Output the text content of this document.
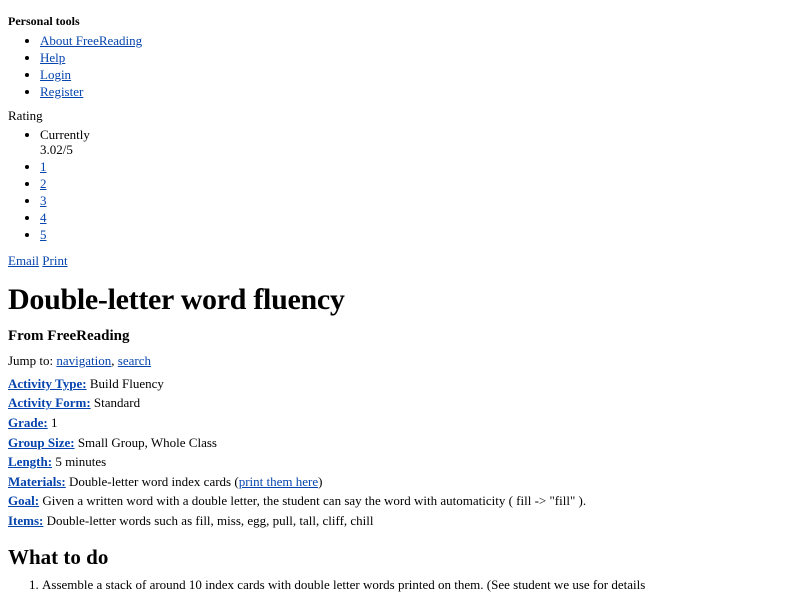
Personal tools
• About FreeReading
• Help
• Login
• Register
Rating
• Currently
3.02/5
• 1
• 2
• 3
• 4
• 5
Email Print
Double-letter word fluency
From FreeReading
Jump to: navigation, search
Activity Type: Build Fluency
Activity Form: Standard
Grade: 1
Group Size: Small Group, Whole Class
Length: 5 minutes
Materials: Double-letter word index cards (print them here)
Goal: Given a written word with a double letter, the student can say the word with automaticity ( fill -> "fill" ).
Items: Double-letter words such as fill, miss, egg, pull, tall, cliff, chill
What to do
1. Assemble a stack of around 10 index cards with double letter words printed on them. (See student we use for details
